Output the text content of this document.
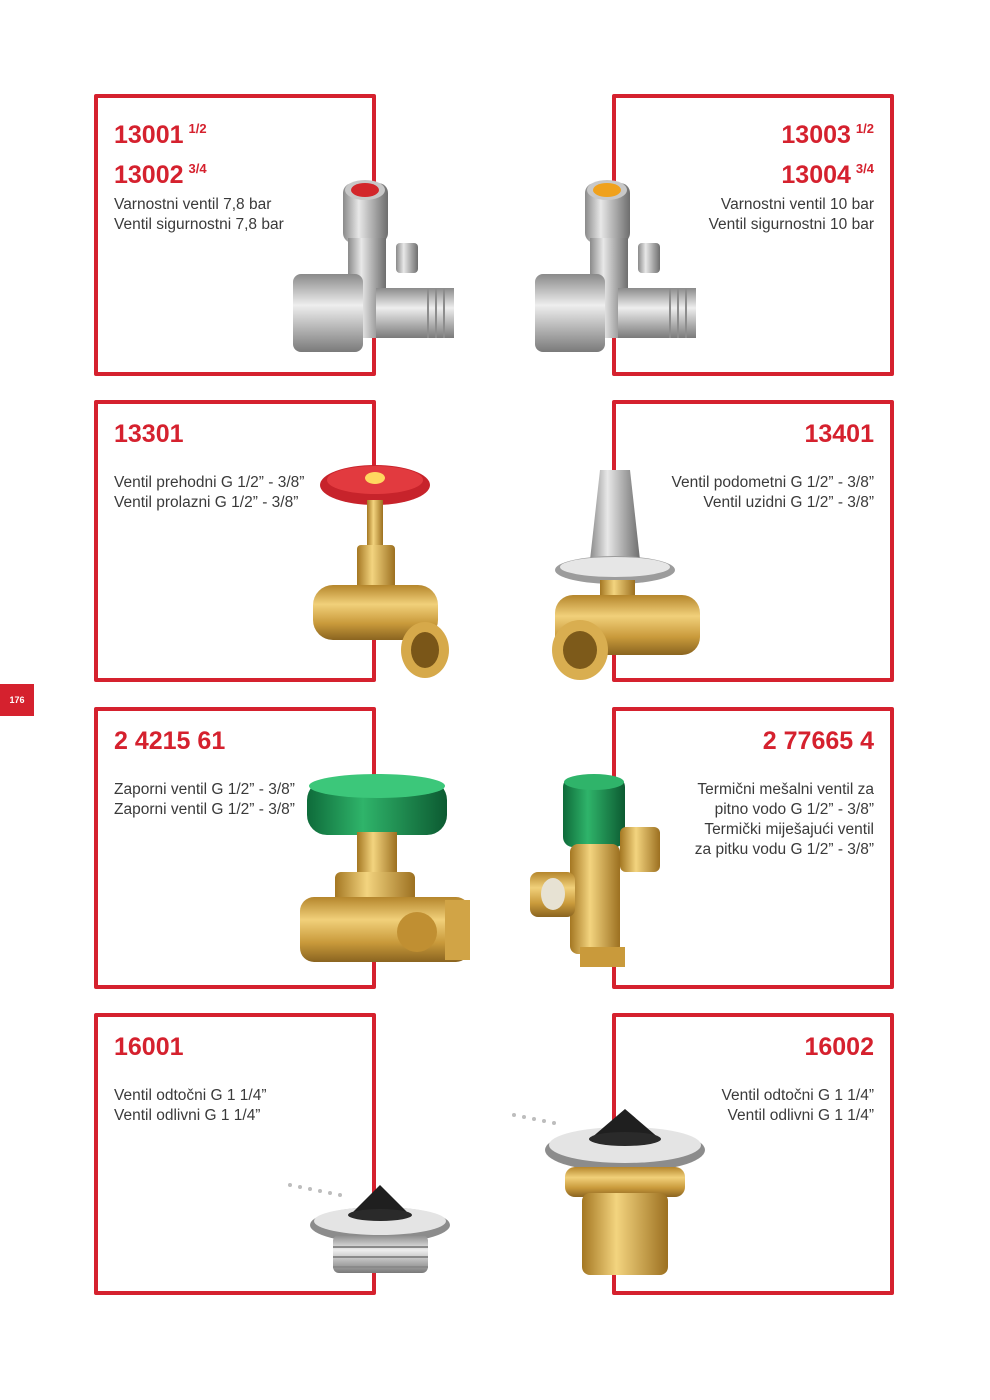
176
13001 $^{1/2}$
13002 $^{3/4}$
Varnostni ventil 7,8 bar
Ventil sigurnostni 7,8 bar
13003 $^{1/2}$
13004 $^{3/4}$
Varnostni ventil 10 bar
Ventil sigurnostni 10 bar
13301
Ventil prehodni G 1/2” - 3/8”
Ventil prolazni G 1/2” - 3/8”
13401
Ventil podometni G 1/2” - 3/8”
Ventil uzidni G 1/2” - 3/8”
2 4215 61
Zaporni ventil G 1/2” - 3/8”
Zaporni ventil G 1/2” - 3/8”
2 77665 4
Termični mešalni ventil za
pitno vodo G 1/2” - 3/8”
Termički miješajući ventil
za pitku vodu G 1/2” - 3/8”
16001
Ventil odtočni G 1 1/4”
Ventil odlivni G 1 1/4”
16002
Ventil odtočni G 1 1/4”
Ventil odlivni G 1 1/4”
